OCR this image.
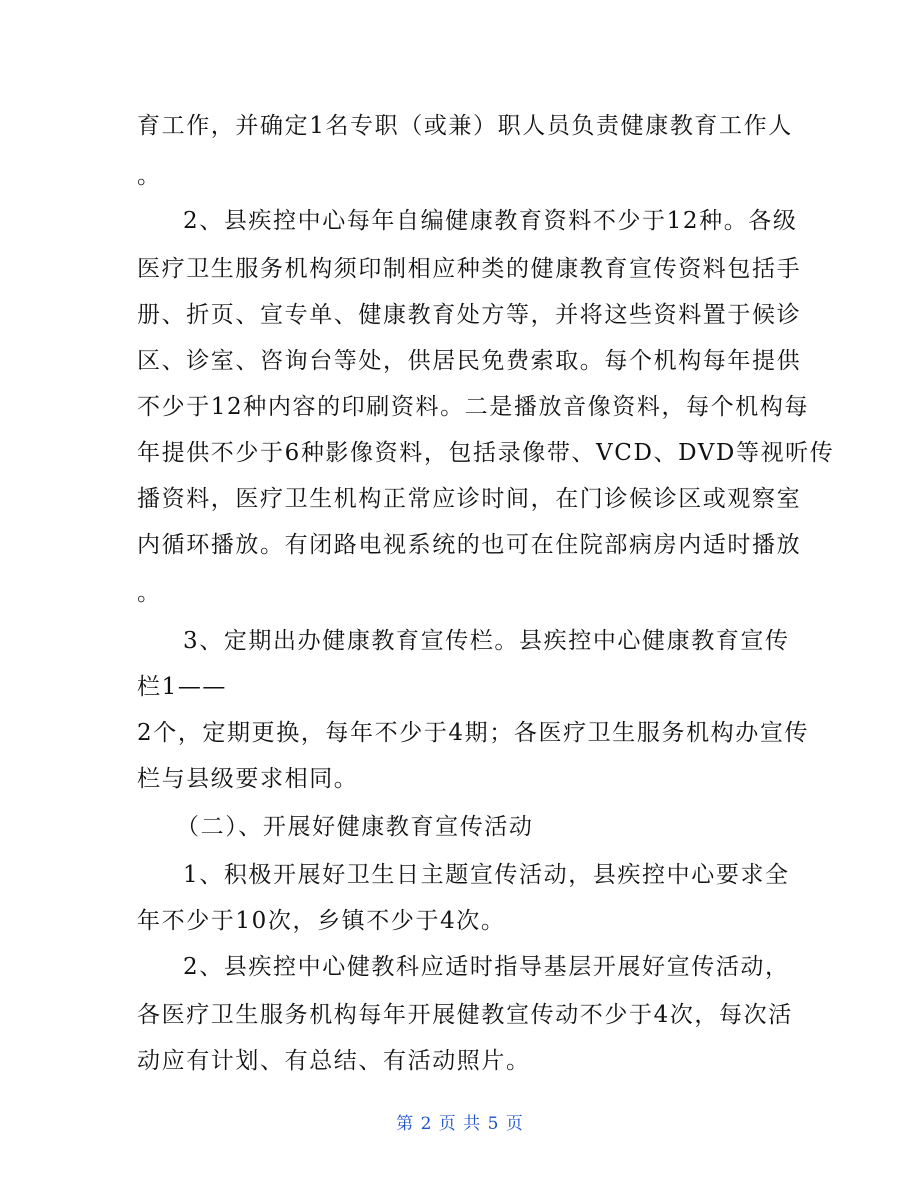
育工作，并确定1名专职（或兼）职人员负责健康教育工作人
。
2、县疾控中心每年自编健康教育资料不少于12种。各级
医疗卫生服务机构须印制相应种类的健康教育宣传资料包括手
册、折页、宣专单、健康教育处方等，并将这些资料置于候诊
区、诊室、咨询台等处，供居民免费索取。每个机构每年提供
不少于12种内容的印刷资料。二是播放音像资料，每个机构每
年提供不少于6种影像资料，包括录像带、VCD、DVD等视听传
播资料，医疗卫生机构正常应诊时间，在门诊候诊区或观察室
内循环播放。有闭路电视系统的也可在住院部病房内适时播放
。
3、定期出办健康教育宣传栏。县疾控中心健康教育宣传
栏1——
2个，定期更换，每年不少于4期；各医疗卫生服务机构办宣传
栏与县级要求相同。
（二）、开展好健康教育宣传活动
1、积极开展好卫生日主题宣传活动，县疾控中心要求全
年不少于10次，乡镇不少于4次。
2、县疾控中心健教科应适时指导基层开展好宣传活动，
各医疗卫生服务机构每年开展健教宣传动不少于4次，每次活
动应有计划、有总结、有活动照片。
第 2 页 共 5 页
